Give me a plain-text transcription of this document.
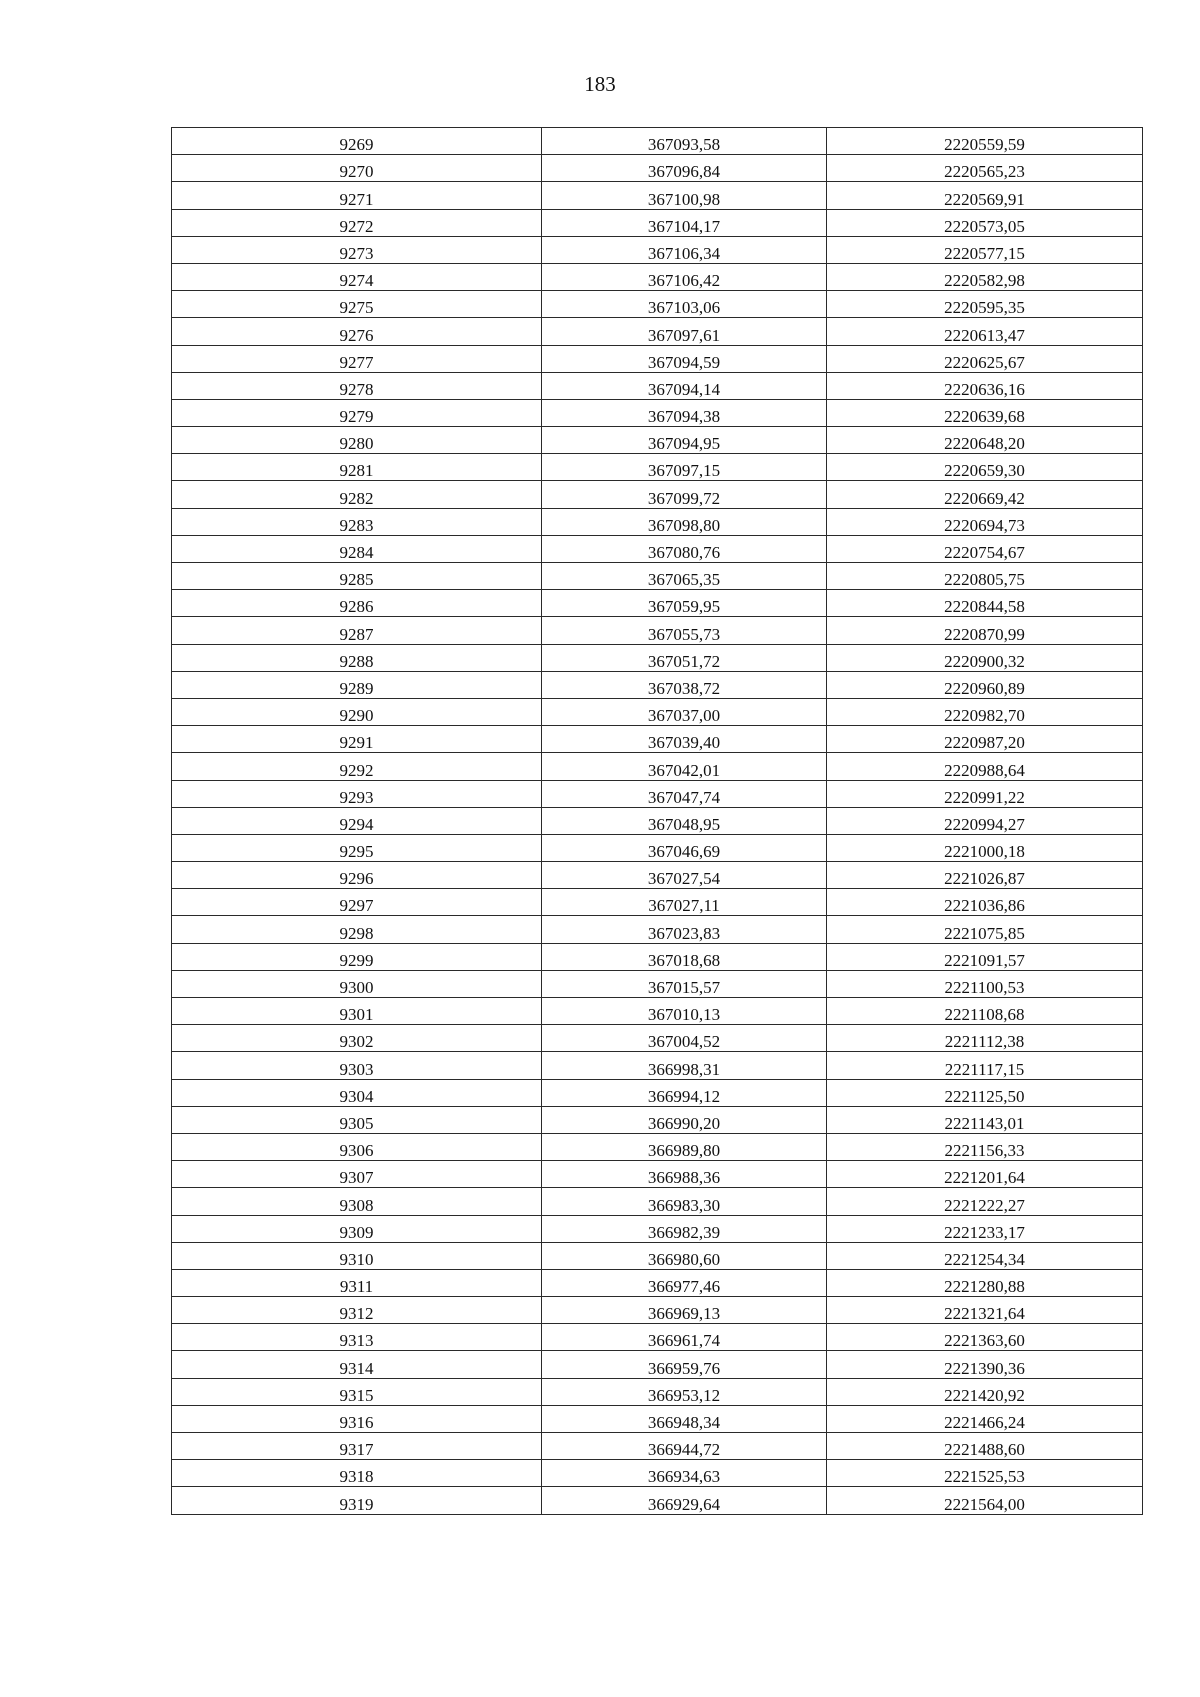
183
9269	367093,58	2220559,59
9270	367096,84	2220565,23
9271	367100,98	2220569,91
9272	367104,17	2220573,05
9273	367106,34	2220577,15
9274	367106,42	2220582,98
9275	367103,06	2220595,35
9276	367097,61	2220613,47
9277	367094,59	2220625,67
9278	367094,14	2220636,16
9279	367094,38	2220639,68
9280	367094,95	2220648,20
9281	367097,15	2220659,30
9282	367099,72	2220669,42
9283	367098,80	2220694,73
9284	367080,76	2220754,67
9285	367065,35	2220805,75
9286	367059,95	2220844,58
9287	367055,73	2220870,99
9288	367051,72	2220900,32
9289	367038,72	2220960,89
9290	367037,00	2220982,70
9291	367039,40	2220987,20
9292	367042,01	2220988,64
9293	367047,74	2220991,22
9294	367048,95	2220994,27
9295	367046,69	2221000,18
9296	367027,54	2221026,87
9297	367027,11	2221036,86
9298	367023,83	2221075,85
9299	367018,68	2221091,57
9300	367015,57	2221100,53
9301	367010,13	2221108,68
9302	367004,52	2221112,38
9303	366998,31	2221117,15
9304	366994,12	2221125,50
9305	366990,20	2221143,01
9306	366989,80	2221156,33
9307	366988,36	2221201,64
9308	366983,30	2221222,27
9309	366982,39	2221233,17
9310	366980,60	2221254,34
9311	366977,46	2221280,88
9312	366969,13	2221321,64
9313	366961,74	2221363,60
9314	366959,76	2221390,36
9315	366953,12	2221420,92
9316	366948,34	2221466,24
9317	366944,72	2221488,60
9318	366934,63	2221525,53
9319	366929,64	2221564,00
